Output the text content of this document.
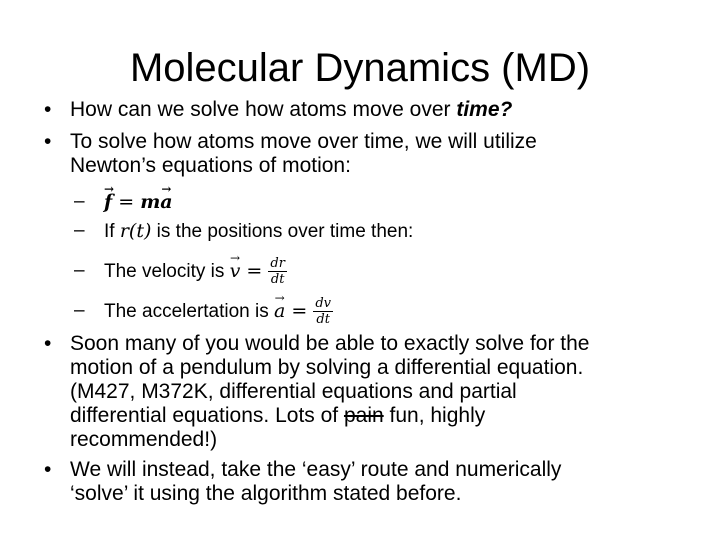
Molecular Dynamics (MD)
• How can we solve how atoms move over time?
• To solve how atoms move over time, we will utilize
Newton’s equations of motion:
–
→ f = m→ a
– If r(t) is the positions over time then:
– The velocity is → $v = \frac{dr}{dt}$
– The accelertation is → $a = \frac{dv}{dt}$
• Soon many of you would be able to exactly solve for the
motion of a pendulum by solving a differential equation.
(M427, M372K, differential equations and partial
differential equations. Lots of pain fun, highly
recommended!)
• We will instead, take the ‘easy’ route and numerically
‘solve’ it using the algorithm stated before.
